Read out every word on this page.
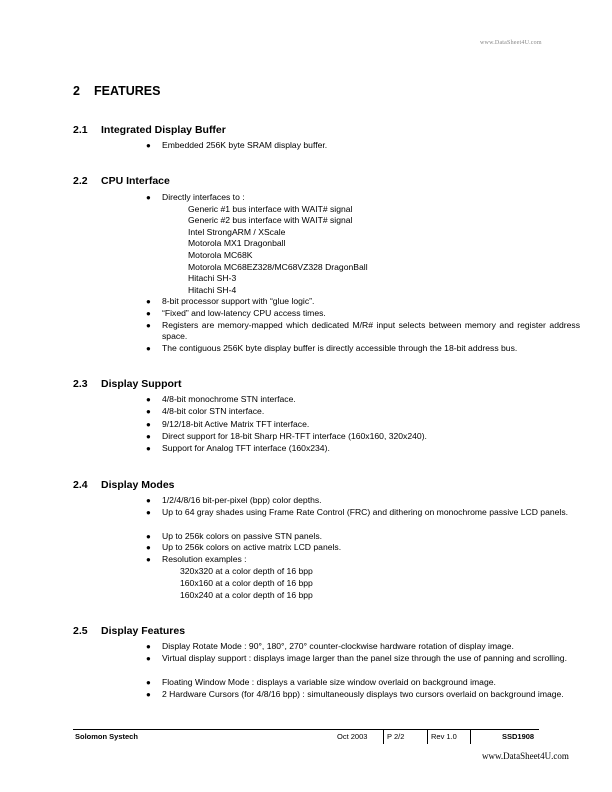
www.DataSheet4U.com
2 FEATURES
2.1 Integrated Display Buffer
● Embedded 256K byte SRAM display buffer.
2.2 CPU Interface
● Directly interfaces to :
Generic #1 bus interface with WAIT# signal
Generic #2 bus interface with WAIT# signal
Intel StrongARM / XScale
Motorola MX1 Dragonball
Motorola MC68K
Motorola MC68EZ328/MC68VZ328 DragonBall
Hitachi SH-3
Hitachi SH-4
● 8-bit processor support with “glue logic”.
● “Fixed” and low-latency CPU access times.
● Registers are memory-mapped which dedicated M/R# input selects between memory and register address space.
● The contiguous 256K byte display buffer is directly accessible through the 18-bit address bus.
2.3 Display Support
● 4/8-bit monochrome STN interface.
● 4/8-bit color STN interface.
● 9/12/18-bit Active Matrix TFT interface.
● Direct support for 18-bit Sharp HR-TFT interface (160x160, 320x240).
● Support for Analog TFT interface (160x234).
2.4 Display Modes
● 1/2/4/8/16 bit-per-pixel (bpp) color depths.
● Up to 64 gray shades using Frame Rate Control (FRC) and dithering on monochrome passive LCD panels.
● Up to 256k colors on passive STN panels.
● Up to 256k colors on active matrix LCD panels.
● Resolution examples :
320x320 at a color depth of 16 bpp
160x160 at a color depth of 16 bpp
160x240 at a color depth of 16 bpp
2.5 Display Features
● Display Rotate Mode : 90°, 180°, 270° counter-clockwise hardware rotation of display image.
● Virtual display support : displays image larger than the panel size through the use of panning and scrolling.
● Floating Window Mode : displays a variable size window overlaid on background image.
● 2 Hardware Cursors (for 4/8/16 bpp) : simultaneously displays two cursors overlaid on background image.
Solomon Systech	Oct 2003	P 2/2	Rev 1.0	SSD1908
www.DataSheet4U.com
